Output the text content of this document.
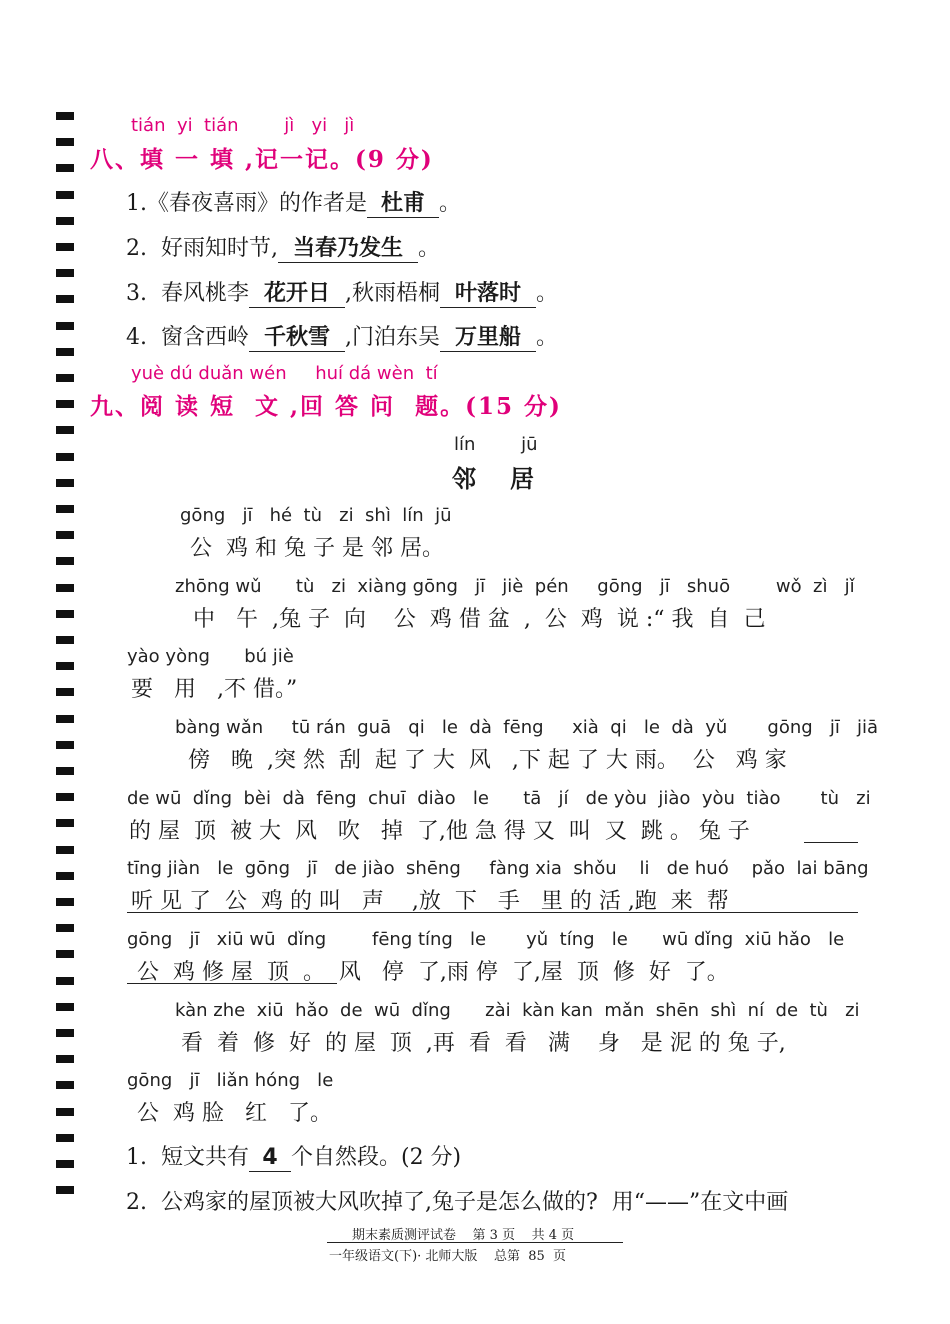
tián  yi  tián        jì   yi   jì
八、填 一 填 ,记一记。(9 分)
1.《春夜喜雨》的作者是 杜甫 。
2.  好雨知时节, 当春乃发生 。
3.  春风桃李 花开日 ,秋雨梧桐 叶落时 。
4.  窗含西岭 千秋雪 ,门泊东吴 万里船 。
yuè dú duǎn wén     huí dá wèn  tí
九、阅 读 短  文 ,回 答 问  题。(15 分)
lín        jū
邻居
gōng   jī   hé  tù   zi  shì  lín  jū
公  鸡 和 兔 子 是 邻 居。
zhōng wǔ      tù   zi  xiàng gōng   jī   jiè  pén     gōng   jī   shuō        wǒ  zì   jǐ
中   午  ,兔 子  向    公  鸡 借 盆  ,  公  鸡  说 :“ 我  自  己
yào yòng      bú jiè
要   用   ,不 借。”
bàng wǎn     tū rán  guā   qi   le  dà  fēng     xià  qi   le  dà  yǔ       gōng   jī   jiā
傍   晚  ,突 然  刮  起 了 大  风   ,下 起 了 大 雨。  公   鸡 家
de wū  dǐng  bèi  dà  fēng  chuī  diào   le      tā   jí   de yòu  jiào  yòu  tiào       tù   zi
的 屋  顶  被 大  风   吹   掉  了,他 急 得 又  叫  又  跳 。 兔 子
tīng jiàn   le  gōng   jī   de jiào  shēng     fàng xia  shǒu    li   de huó    pǎo  lai bāng
听 见 了  公  鸡 的 叫   声    ,放  下   手   里 的 活 ,跑  来  帮
gōng   jī   xiū wū  dǐng        fēng tíng   le       yǔ  tíng   le      wū dǐng  xiū hǎo   le
公  鸡 修 屋  顶  。  风   停  了,雨 停  了,屋  顶  修  好  了。
kàn zhe  xiū  hǎo  de  wū  dǐng      zài  kàn kan  mǎn  shēn  shì  ní  de  tù   zi
看  着  修  好  的 屋  顶  ,再  看  看   满    身   是 泥 的 兔 子,
gōng   jī   liǎn hóng   le
公  鸡 脸   红   了。
1.  短文共有 4 个自然段。(2 分)
2.  公鸡家的屋顶被大风吹掉了,兔子是怎么做的?  用“——”在文中画
期末素质测评试卷    第 3 页    共 4 页
一年级语文(下)· 北师大版    总第  85  页
